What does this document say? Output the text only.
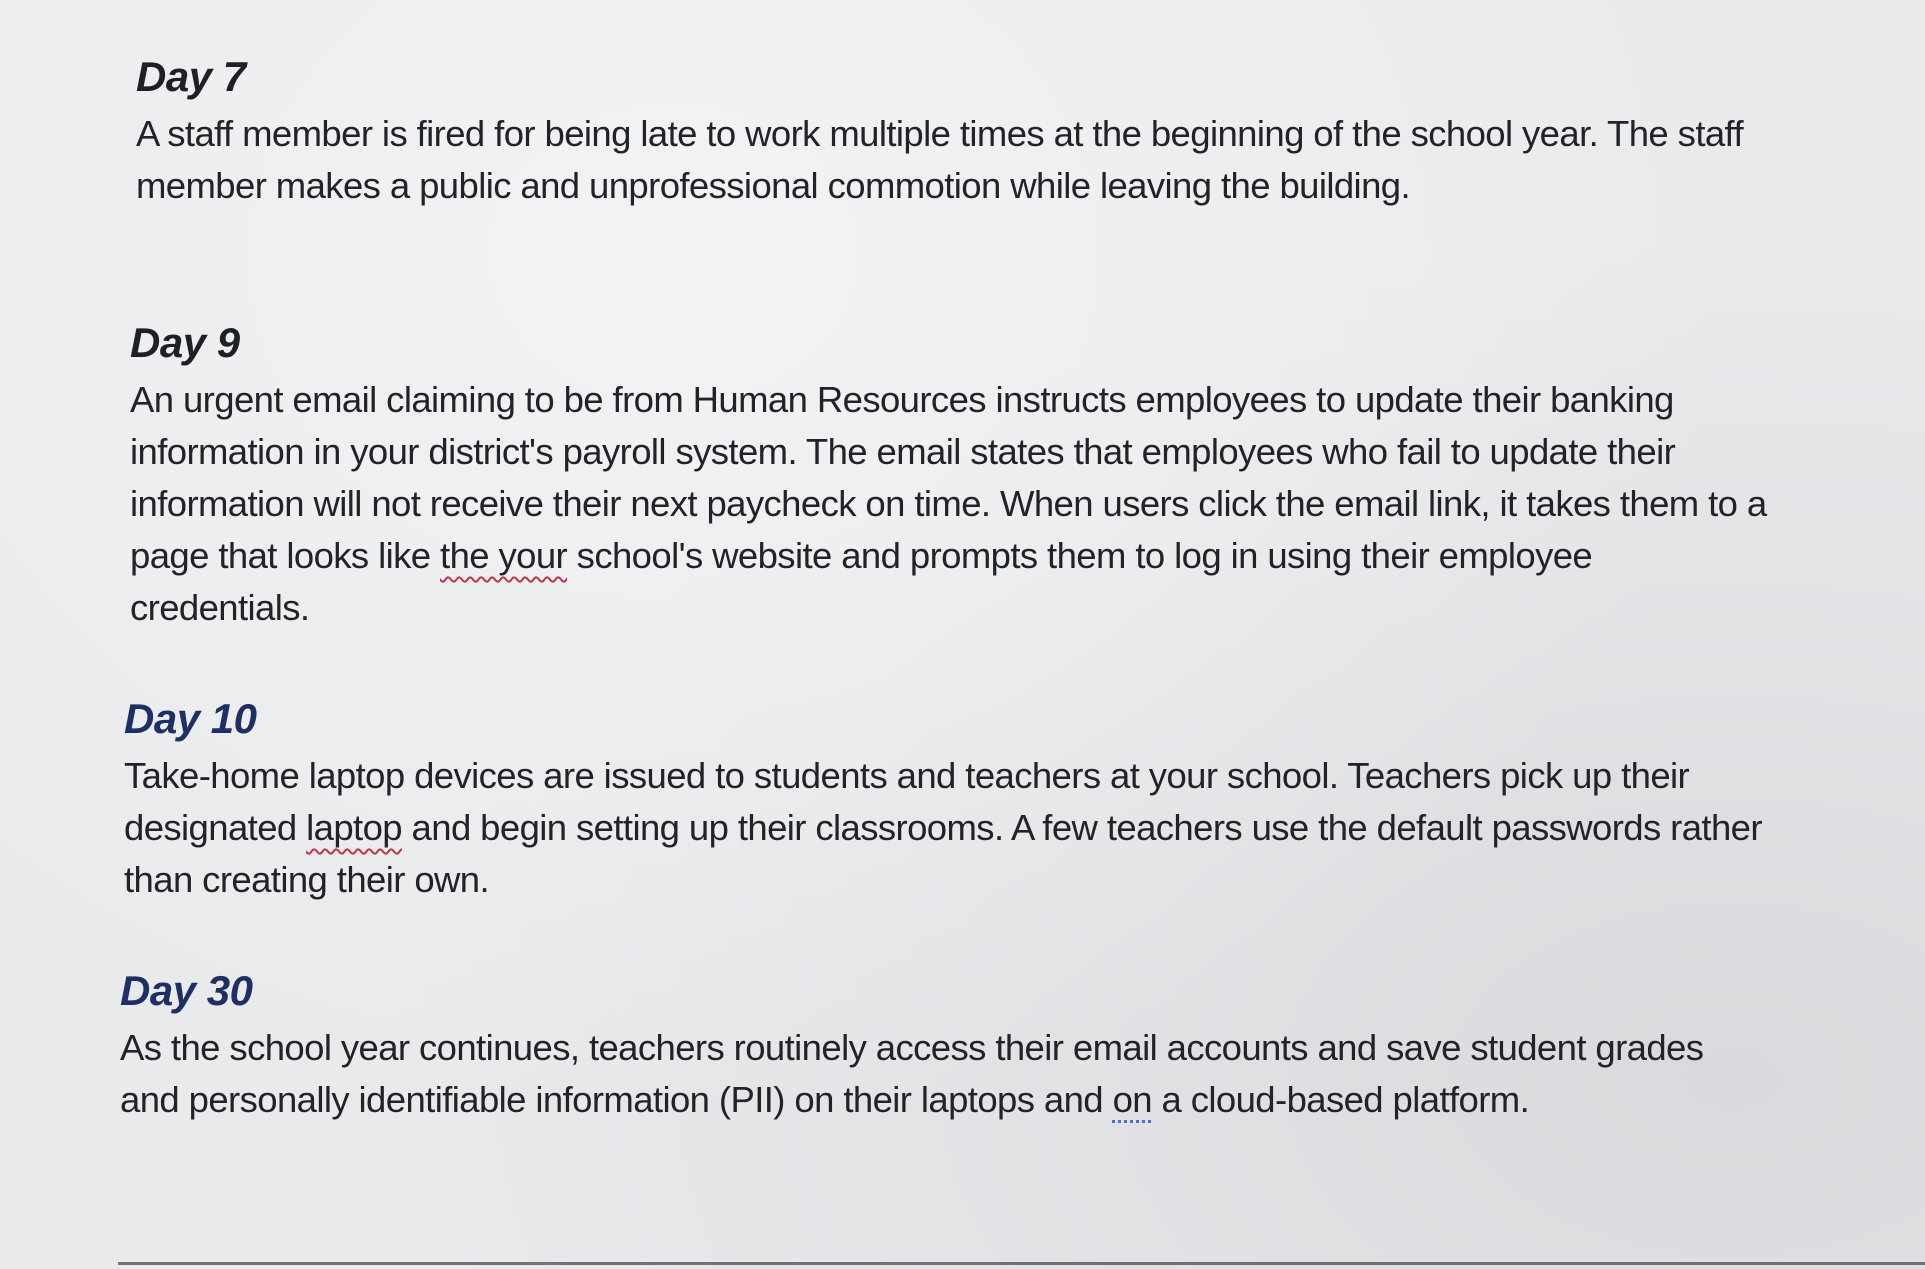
Day 7

A staff member is fired for being late to work multiple times at the beginning of the school year. The staff member makes a public and unprofessional commotion while leaving the building.

Day 9

An urgent email claiming to be from Human Resources instructs employees to update their banking information in your district's payroll system. The email states that employees who fail to update their information will not receive their next paycheck on time. When users click the email link, it takes them to a page that looks like the your school's website and prompts them to log in using their employee credentials.

Day 10

Take-home laptop devices are issued to students and teachers at your school. Teachers pick up their designated laptop and begin setting up their classrooms. A few teachers use the default passwords rather than creating their own.

Day 30

As the school year continues, teachers routinely access their email accounts and save student grades and personally identifiable information (PII) on their laptops and on a cloud-based platform.
